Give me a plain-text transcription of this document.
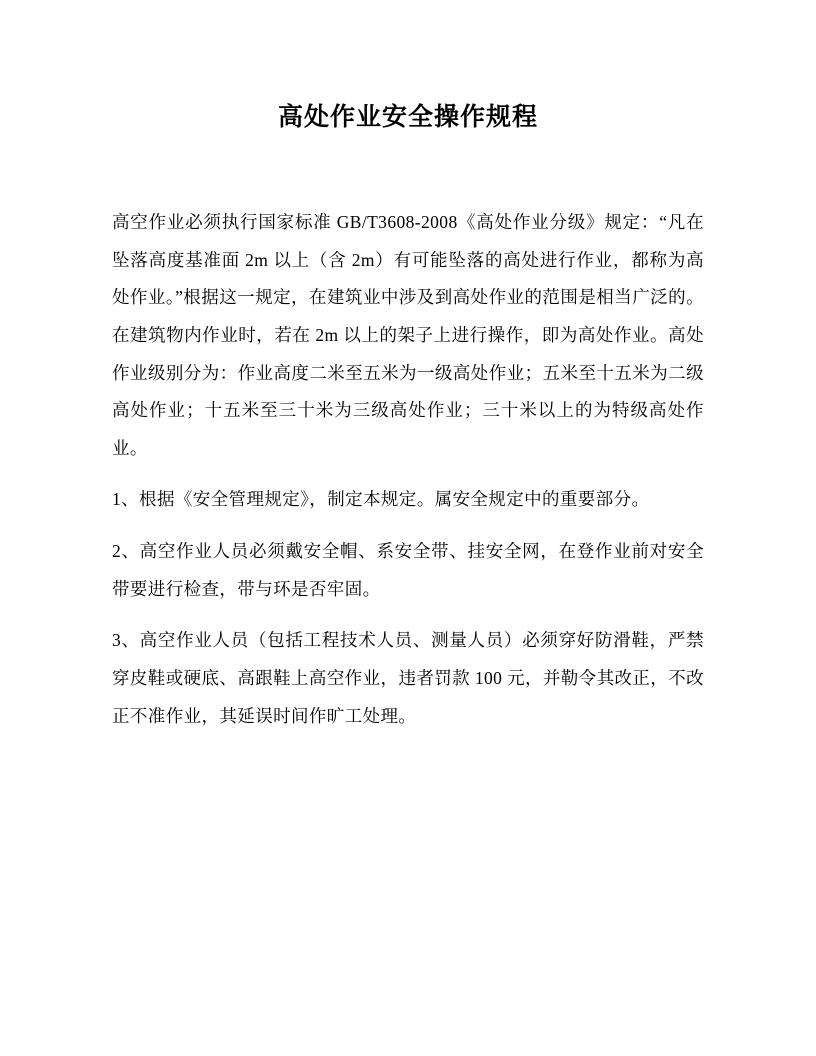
高处作业安全操作规程

高空作业必须执行国家标准 GB/T3608-2008《高处作业分级》规定：“凡在坠落高度基准面 2m 以上（含 2m）有可能坠落的高处进行作业，都称为高处作业。”根据这一规定，在建筑业中涉及到高处作业的范围是相当广泛的。在建筑物内作业时，若在 2m 以上的架子上进行操作，即为高处作业。高处作业级别分为：作业高度二米至五米为一级高处作业；五米至十五米为二级高处作业；十五米至三十米为三级高处作业；三十米以上的为特级高处作业。

1、根据《安全管理规定》，制定本规定。属安全规定中的重要部分。

2、高空作业人员必须戴安全帽、系安全带、挂安全网，在登作业前对安全带要进行检查，带与环是否牢固。

3、高空作业人员（包括工程技术人员、测量人员）必须穿好防滑鞋，严禁穿皮鞋或硬底、高跟鞋上高空作业，违者罚款 100 元，并勒令其改正，不改正不准作业，其延误时间作旷工处理。
